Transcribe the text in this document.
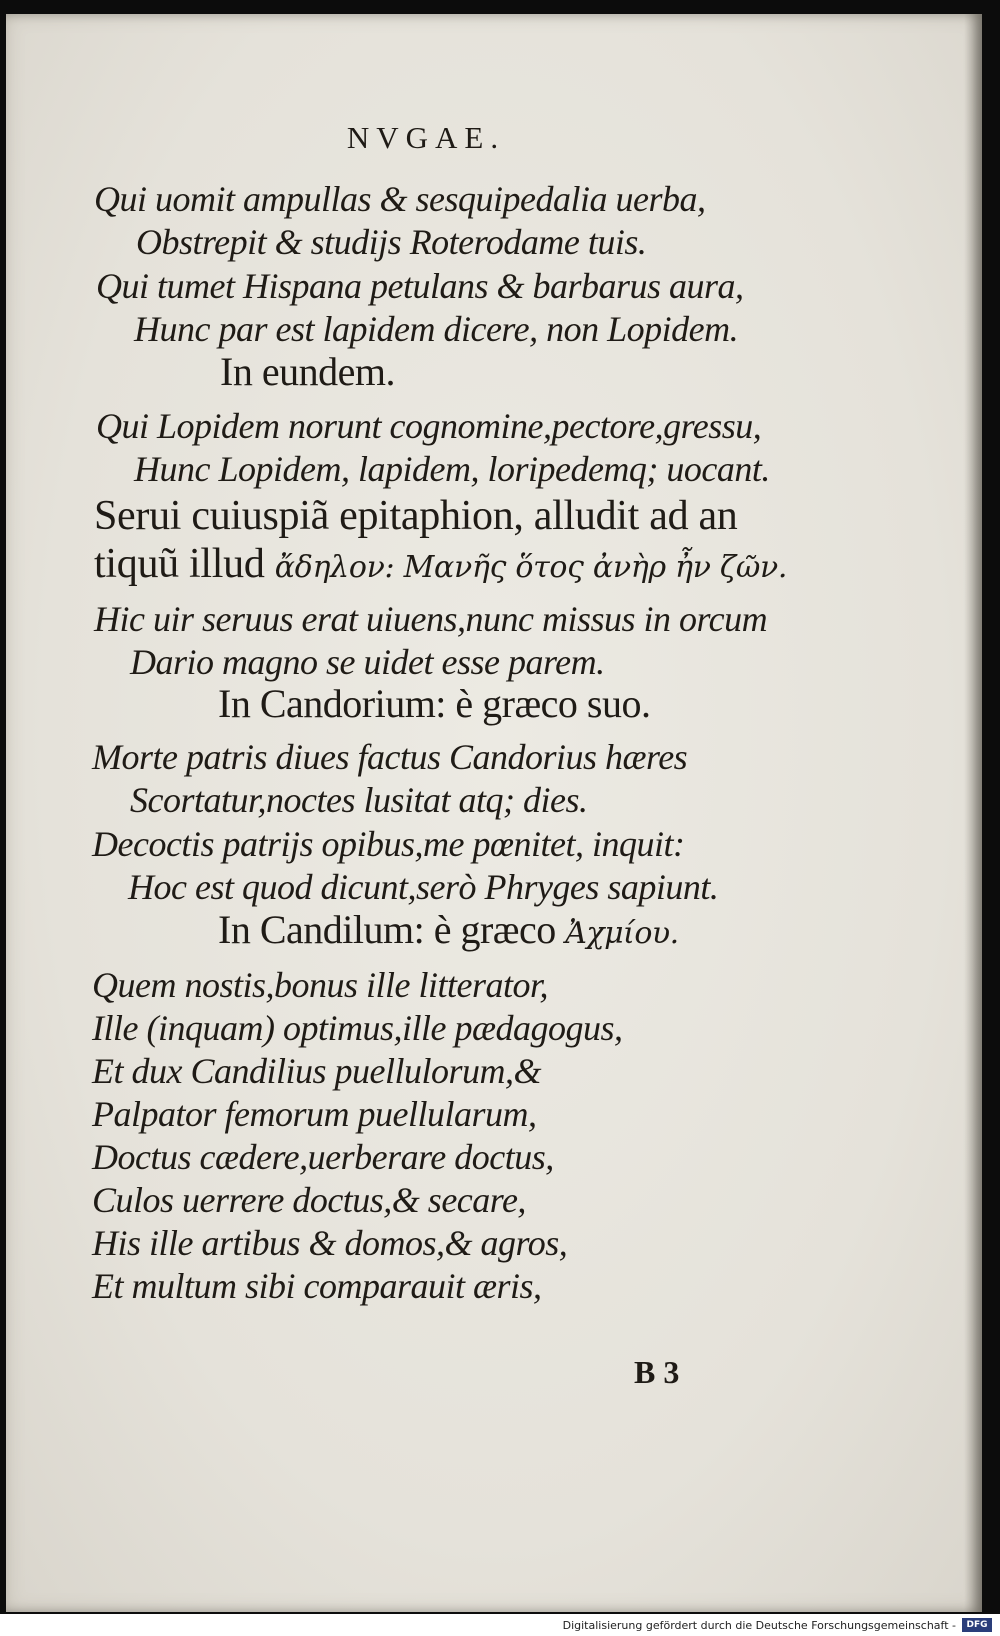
NVGAE.
Qui uomit ampullas & sesquipedalia uerba,
Obstrepit & studijs Roterodame tuis.
Qui tumet Hispana petulans & barbarus aura,
Hunc par est lapidem dicere, non Lopidem.
In eundem.
Qui Lopidem norunt cognomine,pectore,gressu,
Hunc Lopidem, lapidem, loripedemq; uocant.
Serui cuiuspiã epitaphion, alludit ad an
tiquũ illud ἄδηλον: Μανῆς ὅτος ἀνὴρ ἦν ζῶν.
Hic uir seruus erat uiuens,nunc missus in orcum
Dario magno se uidet esse parem.
In Candorium: è græco suo.
Morte patris diues factus Candorius hæres
Scortatur,noctes lusitat atq; dies.
Decoctis patrijs opibus,me pœnitet, inquit:
Hoc est quod dicunt,serò Phryges sapiunt.
In Candilum: è græco Ἀχμίου.
Quem nostis,bonus ille litterator,
Ille (inquam) optimus,ille pædagogus,
Et dux Candilius puellulorum,&
Palpator femorum puellularum,
Doctus cædere,uerberare doctus,
Culos uerrere doctus,& secare,
His ille artibus & domos,& agros,
Et multum sibi comparauit æris,
B 3
Digitalisierung gefördert durch die Deutsche Forschungsgemeinschaft -	DFG
